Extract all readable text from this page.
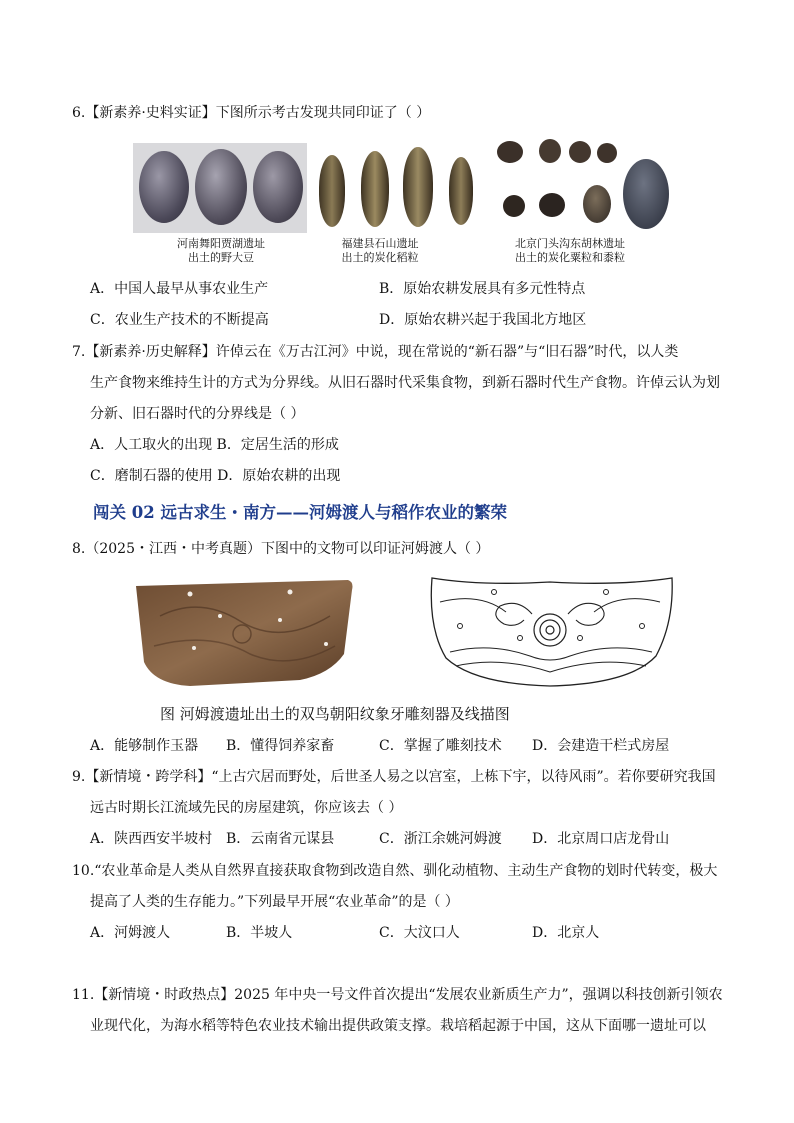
6.【新素养·史料实证】下图所示考古发现共同印证了（ ）
河南舞阳贾湖遗址
出土的野大豆
福建县石山遗址
出土的炭化稻粒
北京门头沟东胡林遗址
出土的炭化粟粒和黍粒
A．中国人最早从事农业生产	B．原始农耕发展具有多元性特点
C．农业生产技术的不断提高	D．原始农耕兴起于我国北方地区
7.【新素养·历史解释】许倬云在《万古江河》中说，现在常说的“新石器”与“旧石器”时代，以人类
生产食物来维持生计的方式为分界线。从旧石器时代采集食物，到新石器时代生产食物。许倬云认为划
分新、旧石器时代的分界线是（ ）
A．人工取火的出现 B．定居生活的形成
C．磨制石器的使用 D．原始农耕的出现
闯关 02 远古求生・南方——河姆渡人与稻作农业的繁荣
8.（2025・江西・中考真题）下图中的文物可以印证河姆渡人（ ）
图 河姆渡遗址出土的双鸟朝阳纹象牙雕刻器及线描图
A．能够制作玉器 B．懂得饲养家畜	C．掌握了雕刻技术 D．会建造干栏式房屋
9.【新情境・跨学科】“上古穴居而野处，后世圣人易之以宫室，上栋下宇，以待风雨”。若你要研究我国
远古时期长江流域先民的房屋建筑，你应该去（ ）
A．陕西西安半坡村 B．云南省元谋县	C．浙江余姚河姆渡 D．北京周口店龙骨山
10.“农业革命是人类从自然界直接获取食物到改造自然、驯化动植物、主动生产食物的划时代转变，极大
提高了人类的生存能力。”下列最早开展“农业革命”的是（ ）
A．河姆渡人	B．半坡人	C．大汶口人	D．北京人
11.【新情境・时政热点】2025 年中央一号文件首次提出“发展农业新质生产力”，强调以科技创新引领农
业现代化，为海水稻等特色农业技术输出提供政策支撑。栽培稻起源于中国，这从下面哪一遗址可以
